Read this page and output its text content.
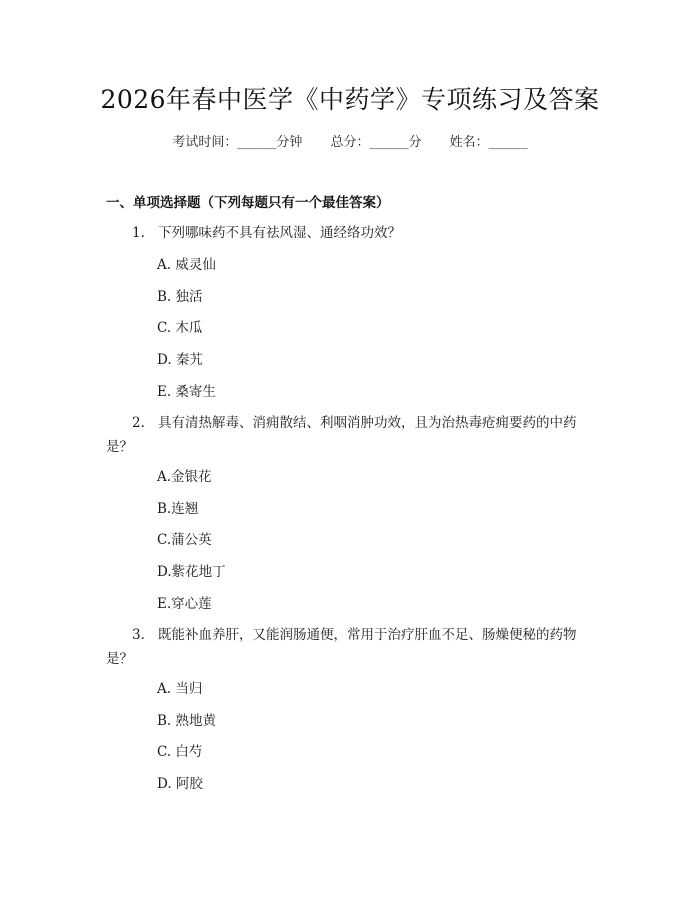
2026年春中医学《中药学》专项练习及答案
考试时间：______分钟 总分：______分 姓名：______
一、单项选择题（下列每题只有一个最佳答案）
1. 下列哪味药不具有祛风湿、通经络功效？
A. 威灵仙
B. 独活
C. 木瓜
D. 秦艽
E. 桑寄生
2. 具有清热解毒、消痈散结、利咽消肿功效，且为治热毒疮痈要药的中药是？
A.金银花
B.连翘
C.蒲公英
D.紫花地丁
E.穿心莲
3. 既能补血养肝，又能润肠通便，常用于治疗肝血不足、肠燥便秘的药物是？
A. 当归
B. 熟地黄
C. 白芍
D. 阿胶
